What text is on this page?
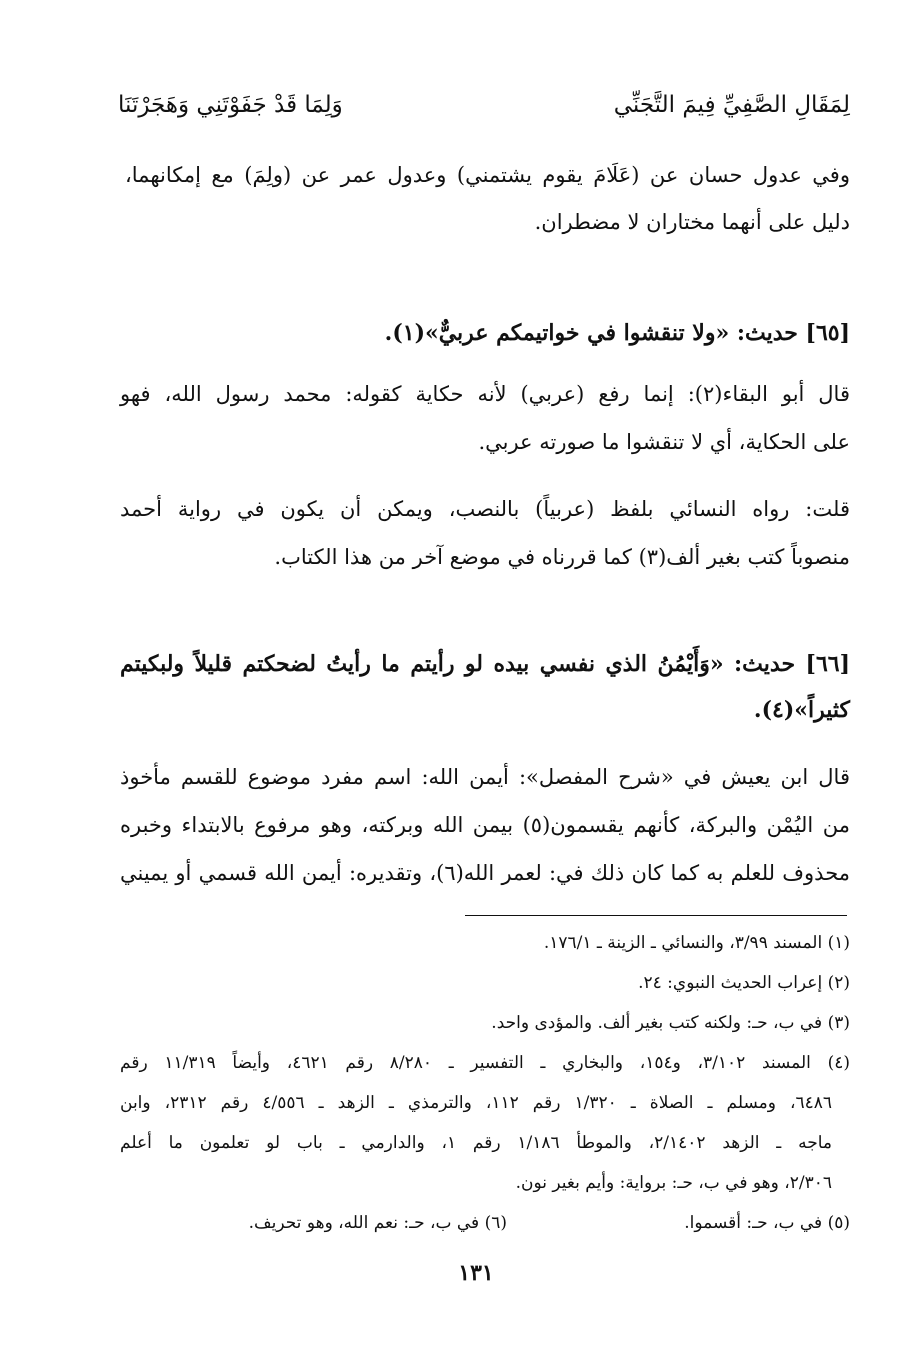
لِمَقَالِ الصَّفِيِّ فِيمَ التَّجَنِّي
وَلِمَا قَدْ جَفَوْتَنِي وَهَجَرْتَنَا
وفي عدول حسان عن (عَلَامَ يقوم يشتمني) وعدول عمر عن (ولِمَ) مع إمكانهما،
دليل على أنهما مختاران لا مضطران.
[٦٥] حديث: «ولا تنقشوا في خواتيمكم عربيٌّ»(١).
قال أبو البقاء(٢): إنما رفع (عربي) لأنه حكاية كقوله: محمد رسول الله، فهو
على الحكاية، أي لا تنقشوا ما صورته عربي.
قلت: رواه النسائي بلفظ (عربياً) بالنصب، ويمكن أن يكون في رواية أحمد
منصوباً كتب بغير ألف(٣) كما قررناه في موضع آخر من هذا الكتاب.
[٦٦] حديث: «وَأَيْمُنُ الذي نفسي بيده لو رأيتم ما رأيتُ لضحكتم قليلاً ولبكيتم
كثيراً»(٤).
قال ابن يعيش في «شرح المفصل»: أيمن الله: اسم مفرد موضوع للقسم مأخوذ
من اليُمْن والبركة، كأنهم يقسمون(٥) بيمن الله وبركته، وهو مرفوع بالابتداء وخبره
محذوف للعلم به كما كان ذلك في: لعمر الله(٦)، وتقديره: أيمن الله قسمي أو يميني
(١) المسند ٣/٩٩، والنسائي ـ الزينة ـ ١٧٦/١.
(٢) إعراب الحديث النبوي: ٢٤.
(٣) في ب، حـ: ولكنه كتب بغير ألف. والمؤدى واحد.
(٤) المسند ٣/١٠٢، و١٥٤، والبخاري ـ التفسير ـ ٨/٢٨٠ رقم ٤٦٢١، وأيضاً ١١/٣١٩ رقم
٦٤٨٦، ومسلم ـ الصلاة ـ ١/٣٢٠ رقم ١١٢، والترمذي ـ الزهد ـ ٤/٥٥٦ رقم ٢٣١٢، وابن
ماجه ـ الزهد ٢/١٤٠٢، والموطأ ١/١٨٦ رقم ١، والدارمي ـ باب لو تعلمون ما أعلم
٢/٣٠٦، وهو في ب، حـ: برواية: وأيم بغير نون.
(٥) في ب، حـ: أقسموا.
(٦) في ب، حـ: نعم الله، وهو تحريف.
١٣١
